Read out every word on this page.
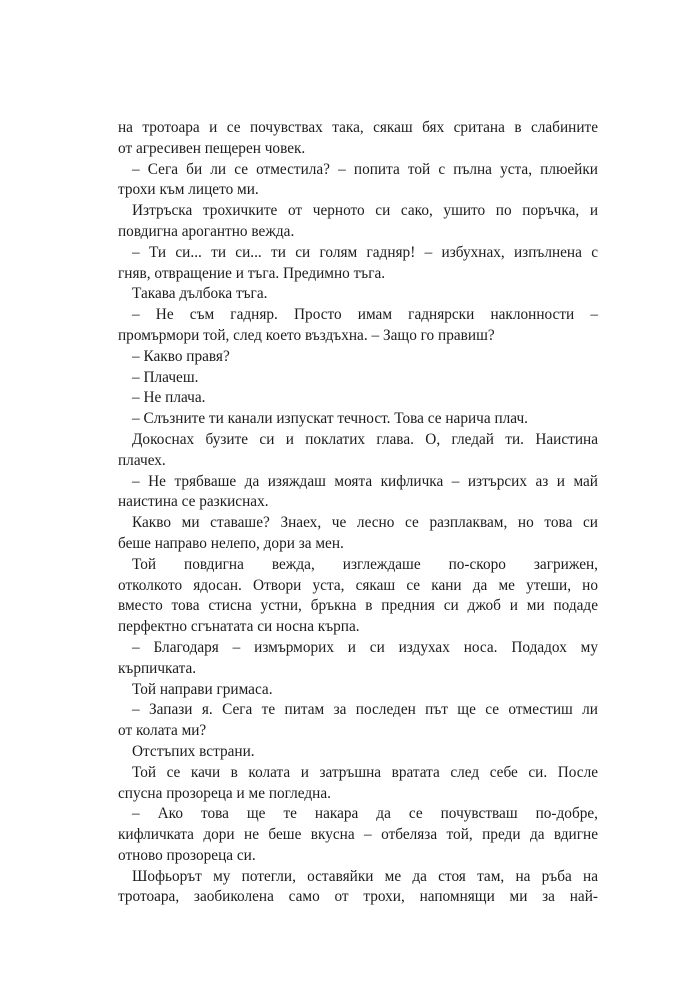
на тротоара и се почувствах така, сякаш бях сритана в слабините
от агресивен пещерен човек.
– Сега би ли се отместила? – попита той с пълна уста, плюейки
трохи към лицето ми.
Изтръска трохичките от черното си сако, ушито по поръчка, и
повдигна арогантно вежда.
– Ти си... ти си... ти си голям гадняр! – избухнах, изпълнена с
гняв, отвращение и тъга. Предимно тъга.
Такава дълбока тъга.
– Не съм гадняр. Просто имам гаднярски наклонности –
промърмори той, след което въздъхна. – Защо го правиш?
– Какво правя?
– Плачеш.
– Не плача.
– Слъзните ти канали изпускат течност. Това се нарича плач.
Докоснах бузите си и поклатих глава. О, гледай ти. Наистина
плачех.
– Не трябваше да изяждаш моята кифличка – изтърсих аз и май
наистина се разкиснах.
Какво ми ставаше? Знаех, че лесно се разплаквам, но това си
беше направо нелепо, дори за мен.
Той повдигна вежда, изглеждаше по-скоро загрижен,
отколкото ядосан. Отвори уста, сякаш се кани да ме утеши, но
вместо това стисна устни, бръкна в предния си джоб и ми подаде
перфектно сгънатата си носна кърпа.
– Благодаря – измърморих и си издухах носа. Подадох му
кърпичката.
Той направи гримаса.
– Запази я. Сега те питам за последен път ще се отместиш ли
от колата ми?
Отстъпих встрани.
Той се качи в колата и затръшна вратата след себе си. После
спусна прозореца и ме погледна.
– Ако това ще те накара да се почувстваш по-добре,
кифличката дори не беше вкусна – отбеляза той, преди да вдигне
отново прозореца си.
Шофьорът му потегли, оставяйки ме да стоя там, на ръба на
тротоара, заобиколена само от трохи, напомнящи ми за най-
